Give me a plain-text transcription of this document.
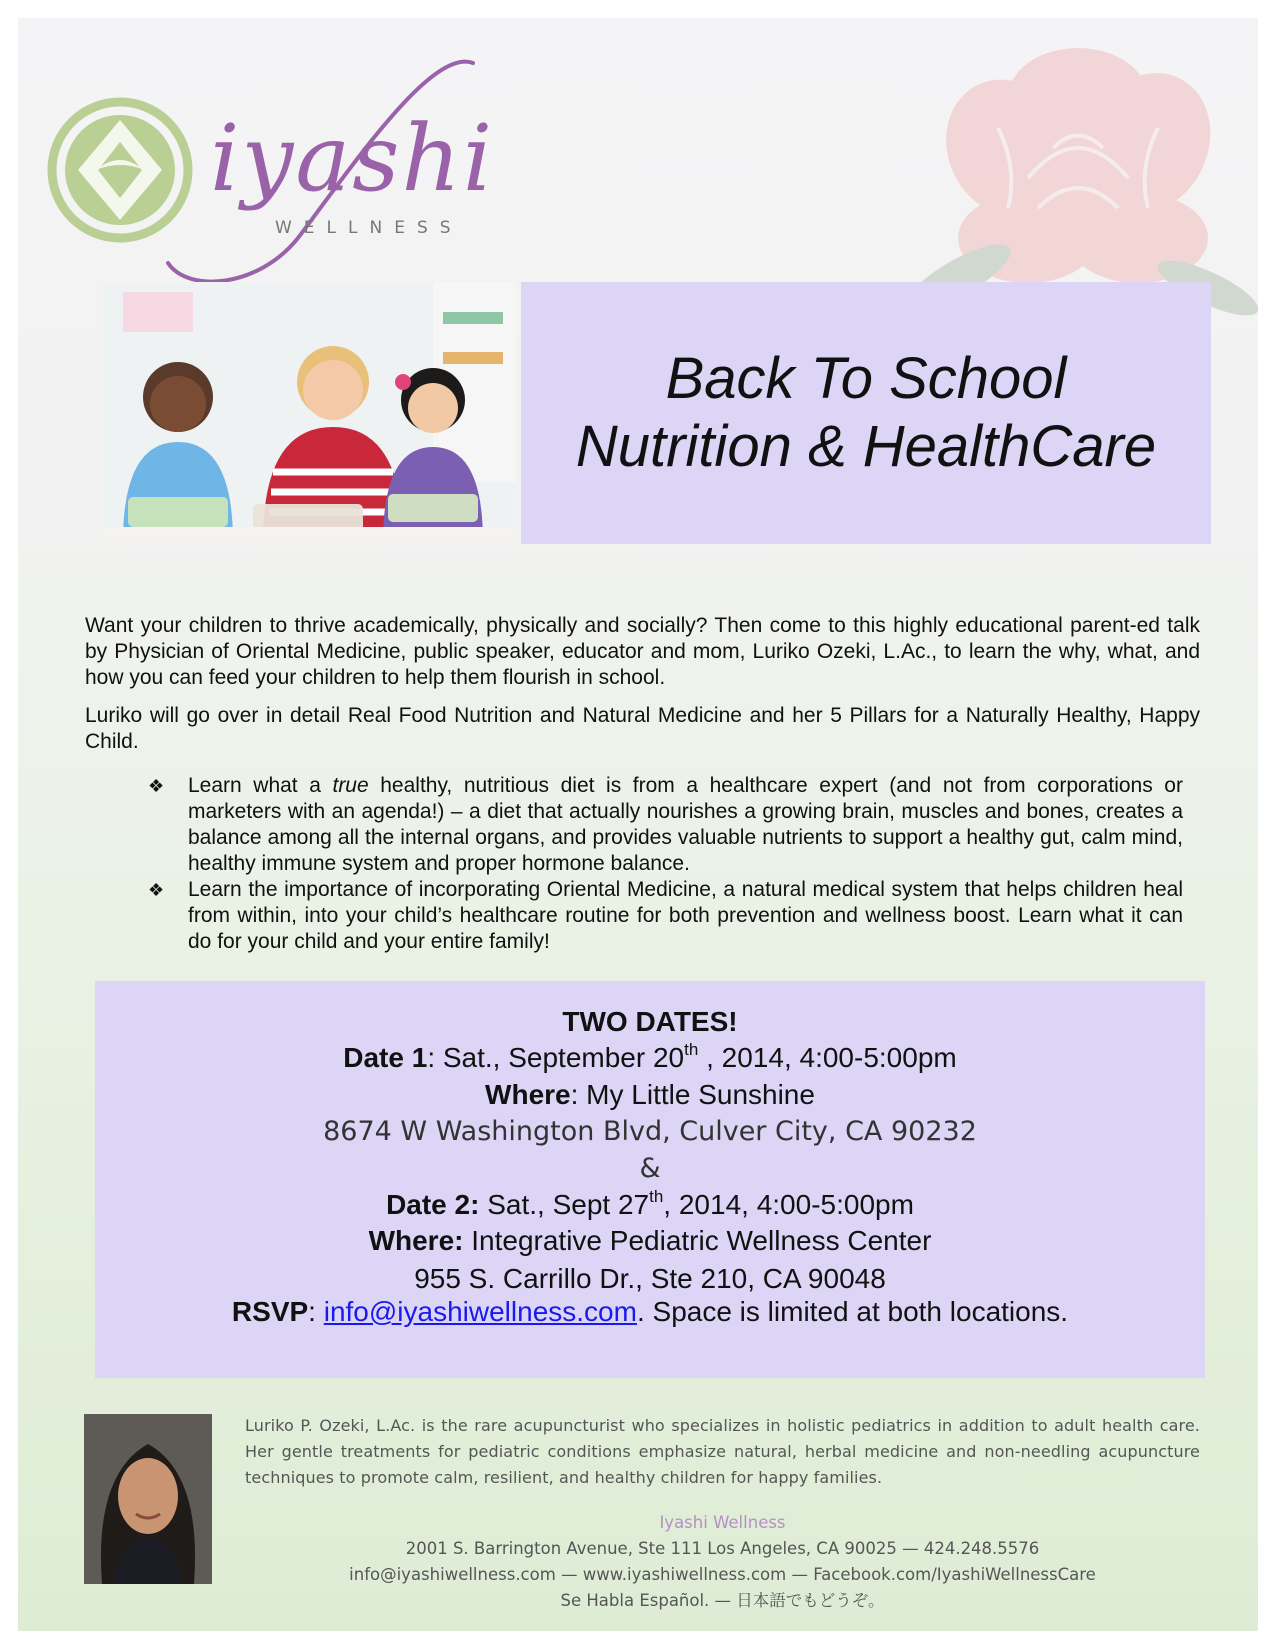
iyashi
WELLNESS
Back To School
Nutrition & HealthCare

Want your children to thrive academically, physically and socially? Then come to this highly educational parent-ed talk by Physician of Oriental Medicine, public speaker, educator and mom, Luriko Ozeki, L.Ac., to learn the why, what, and how you can feed your children to help them flourish in school.

Luriko will go over in detail Real Food Nutrition and Natural Medicine and her 5 Pillars for a Naturally Healthy, Happy Child.

❖ Learn what a true healthy, nutritious diet is from a healthcare expert (and not from corporations or marketers with an agenda!) – a diet that actually nourishes a growing brain, muscles and bones, creates a balance among all the internal organs, and provides valuable nutrients to support a healthy gut, calm mind, healthy immune system and proper hormone balance.
❖ Learn the importance of incorporating Oriental Medicine, a natural medical system that helps children heal from within, into your child’s healthcare routine for both prevention and wellness boost. Learn what it can do for your child and your entire family!
TWO DATES!
Date 1: Sat., September 20th , 2014, 4:00-5:00pm
Where: My Little Sunshine
8674 W Washington Blvd, Culver City, CA 90232
&
Date 2: Sat., Sept 27th, 2014, 4:00-5:00pm
Where: Integrative Pediatric Wellness Center
955 S. Carrillo Dr., Ste 210, CA 90048
RSVP: info@iyashiwellness.com. Space is limited at both locations.
Luriko P. Ozeki, L.Ac. is the rare acupuncturist who specializes in holistic pediatrics in addition to adult health care. Her gentle treatments for pediatric conditions emphasize natural, herbal medicine and non-needling acupuncture techniques to promote calm, resilient, and healthy children for happy families.
Iyashi Wellness
2001 S. Barrington Avenue, Ste 111 Los Angeles, CA 90025 — 424.248.5576
info@iyashiwellness.com — www.iyashiwellness.com — Facebook.com/IyashiWellnessCare
Se Habla Español. — 日本語でもどうぞ。
